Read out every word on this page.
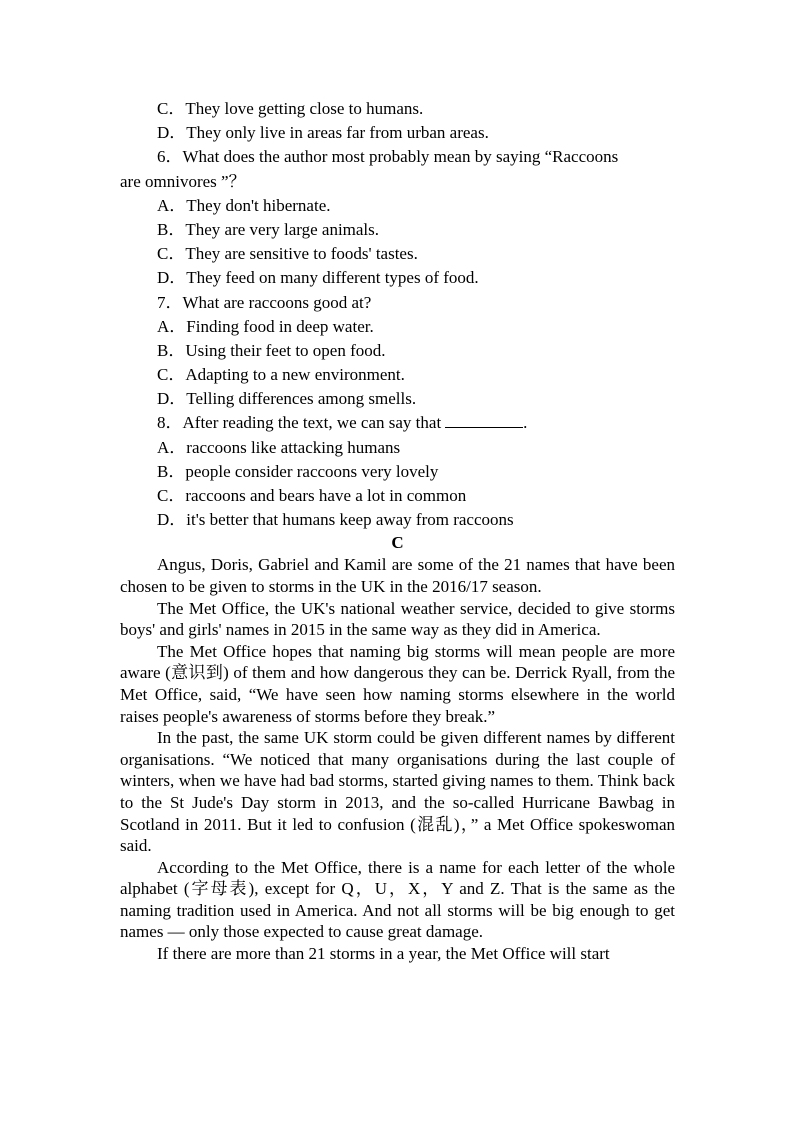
C．They love getting close to humans.
D．They only live in areas far from urban areas.
6．What does the author most probably mean by saying “Raccoons
are omnivores ”？
A．They don't hibernate.
B．They are very large animals.
C．They are sensitive to foods' tastes.
D．They feed on many different types of food.
7．What are raccoons good at?
A．Finding food in deep water.
B．Using their feet to open food.
C．Adapting to a new environment.
D．Telling differences among smells.
8．After reading the text, we can say that	.
A．raccoons like attacking humans
B．people consider raccoons very lovely
C．raccoons and bears have a lot in common
D．it's better that humans keep away from raccoons
C

Angus, Doris, Gabriel and Kamil are some of the 21 names that have been chosen to be given to storms in the UK in the 2016/17 season.

The Met Office, the UK's national weather service, decided to give storms boys' and girls' names in 2015 in the same way as they did in America.

The Met Office hopes that naming big storms will mean people are more aware (意识到) of them and how dangerous they can be. Derrick Ryall, from the Met Office, said, “We have seen how naming storms elsewhere in the world raises people's awareness of storms before they break.”

In the past, the same UK storm could be given different names by different organisations. “We noticed that many organisations during the last couple of winters, when we have had bad storms, started giving names to them. Think back to the St Jude's Day storm in 2013, and the so-called Hurricane Bawbag in Scotland in 2011. But it led to confusion (混乱)，” a Met Office spokeswoman said.

According to the Met Office, there is a name for each letter of the whole alphabet (字母表), except for Q，U，X，Y and Z. That is the same as the naming tradition used in America. And not all storms will be big enough to get names — only those expected to cause great damage.

If there are more than 21 storms in a year, the Met Office will start
